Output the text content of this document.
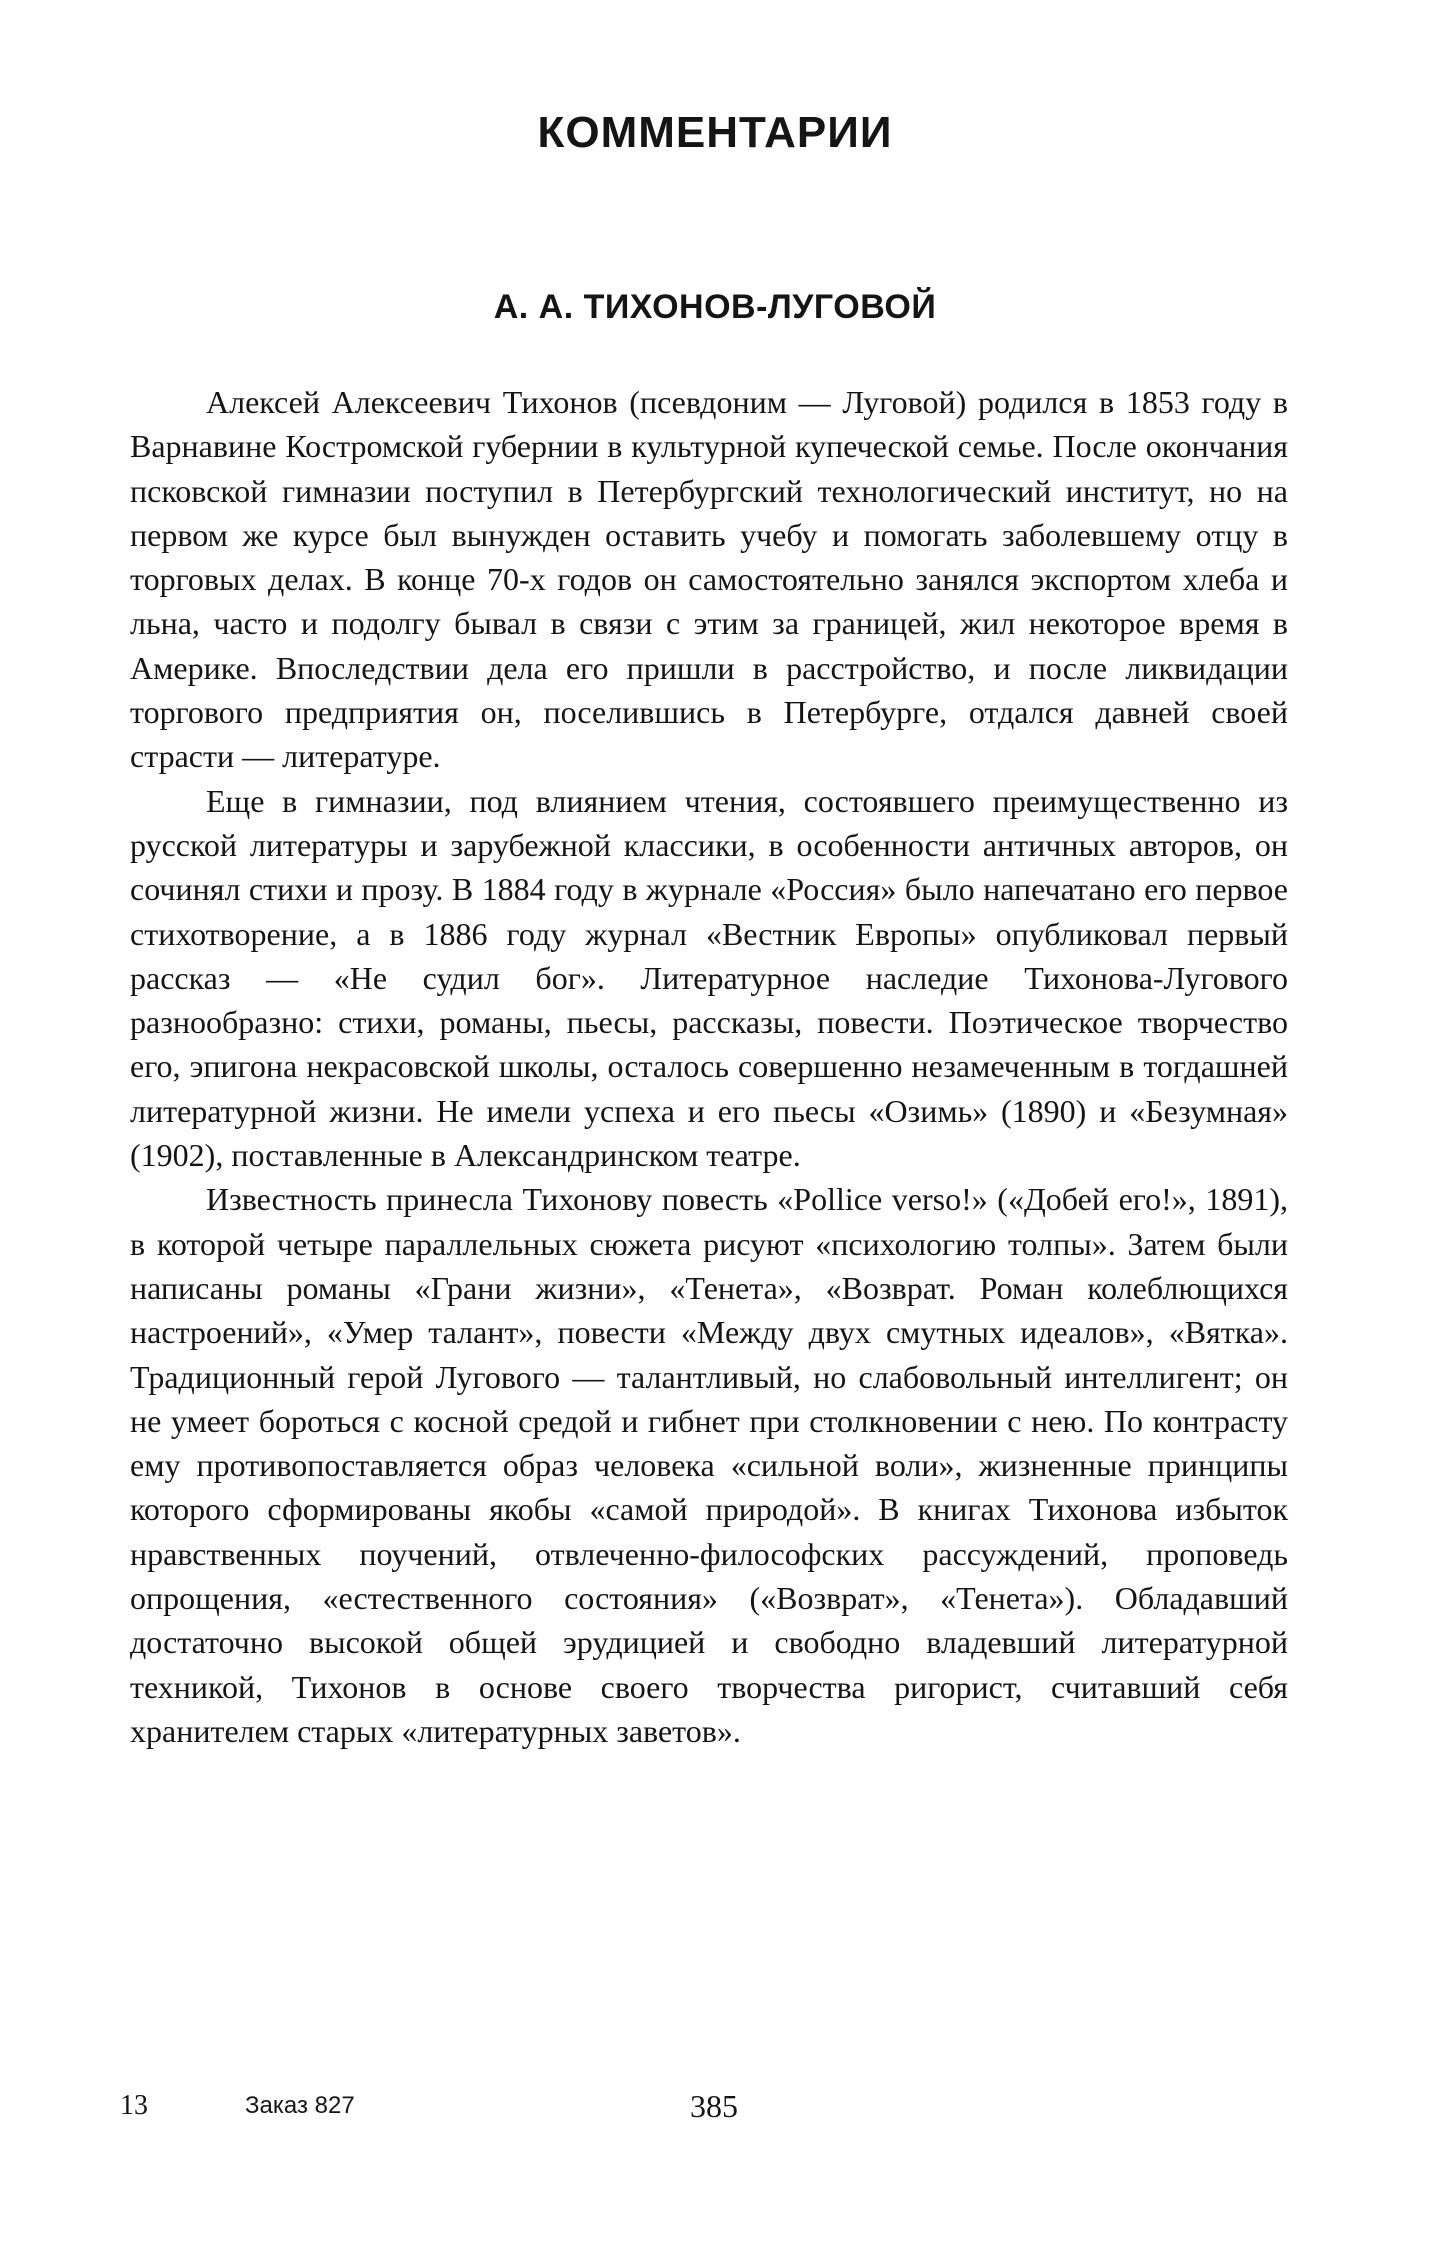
КОММЕНТАРИИ
А. А. ТИХОНОВ-ЛУГОВОЙ

Алексей Алексеевич Тихонов (псевдоним — Луговой) родился в 1853 году в Варнавине Костромской губернии в культурной купеческой семье. После окончания псковской гимназии поступил в Петербургский технологический институт, но на первом же курсе был вынужден оставить учебу и помогать заболевшему отцу в торговых делах. В конце 70-х годов он самостоятельно занялся экспортом хлеба и льна, часто и подолгу бывал в связи с этим за границей, жил некоторое время в Америке. Впоследствии дела его пришли в расстройство, и после ликвидации торгового предприятия он, поселившись в Петербурге, отдался давней своей страсти — литературе.

Еще в гимназии, под влиянием чтения, состоявшего преимущественно из русской литературы и зарубежной классики, в особенности античных авторов, он сочинял стихи и прозу. В 1884 году в журнале «Россия» было напечатано его первое стихотворение, а в 1886 году журнал «Вестник Европы» опубликовал первый рассказ — «Не судил бог». Литературное наследие Тихонова-Лугового разнообразно: стихи, романы, пьесы, рассказы, повести. Поэтическое творчество его, эпигона некрасовской школы, осталось совершенно незамеченным в тогдашней литературной жизни. Не имели успеха и его пьесы «Озимь» (1890) и «Безумная» (1902), поставленные в Александринском театре.

Известность принесла Тихонову повесть «Pollice verso!» («Добей его!», 1891), в которой четыре параллельных сюжета рисуют «психологию толпы». Затем были написаны романы «Грани жизни», «Тенета», «Возврат. Роман колеблющихся настроений», «Умер талант», повести «Между двух смутных идеалов», «Вятка». Традиционный герой Лугового — талантливый, но слабовольный интеллигент; он не умеет бороться с косной средой и гибнет при столкновении с нею. По контрасту ему противопоставляется образ человека «сильной воли», жизненные принципы которого сформированы якобы «самой природой». В книгах Тихонова избыток нравственных поучений, отвлеченно-философских рассуждений, проповедь опрощения, «естественного состояния» («Возврат», «Тенета»). Обладавший достаточно высокой общей эрудицией и свободно владевший литературной техникой, Тихонов в основе своего творчества ригорист, считавший себя хранителем старых «литературных заветов».

13	Заказ 827	385
